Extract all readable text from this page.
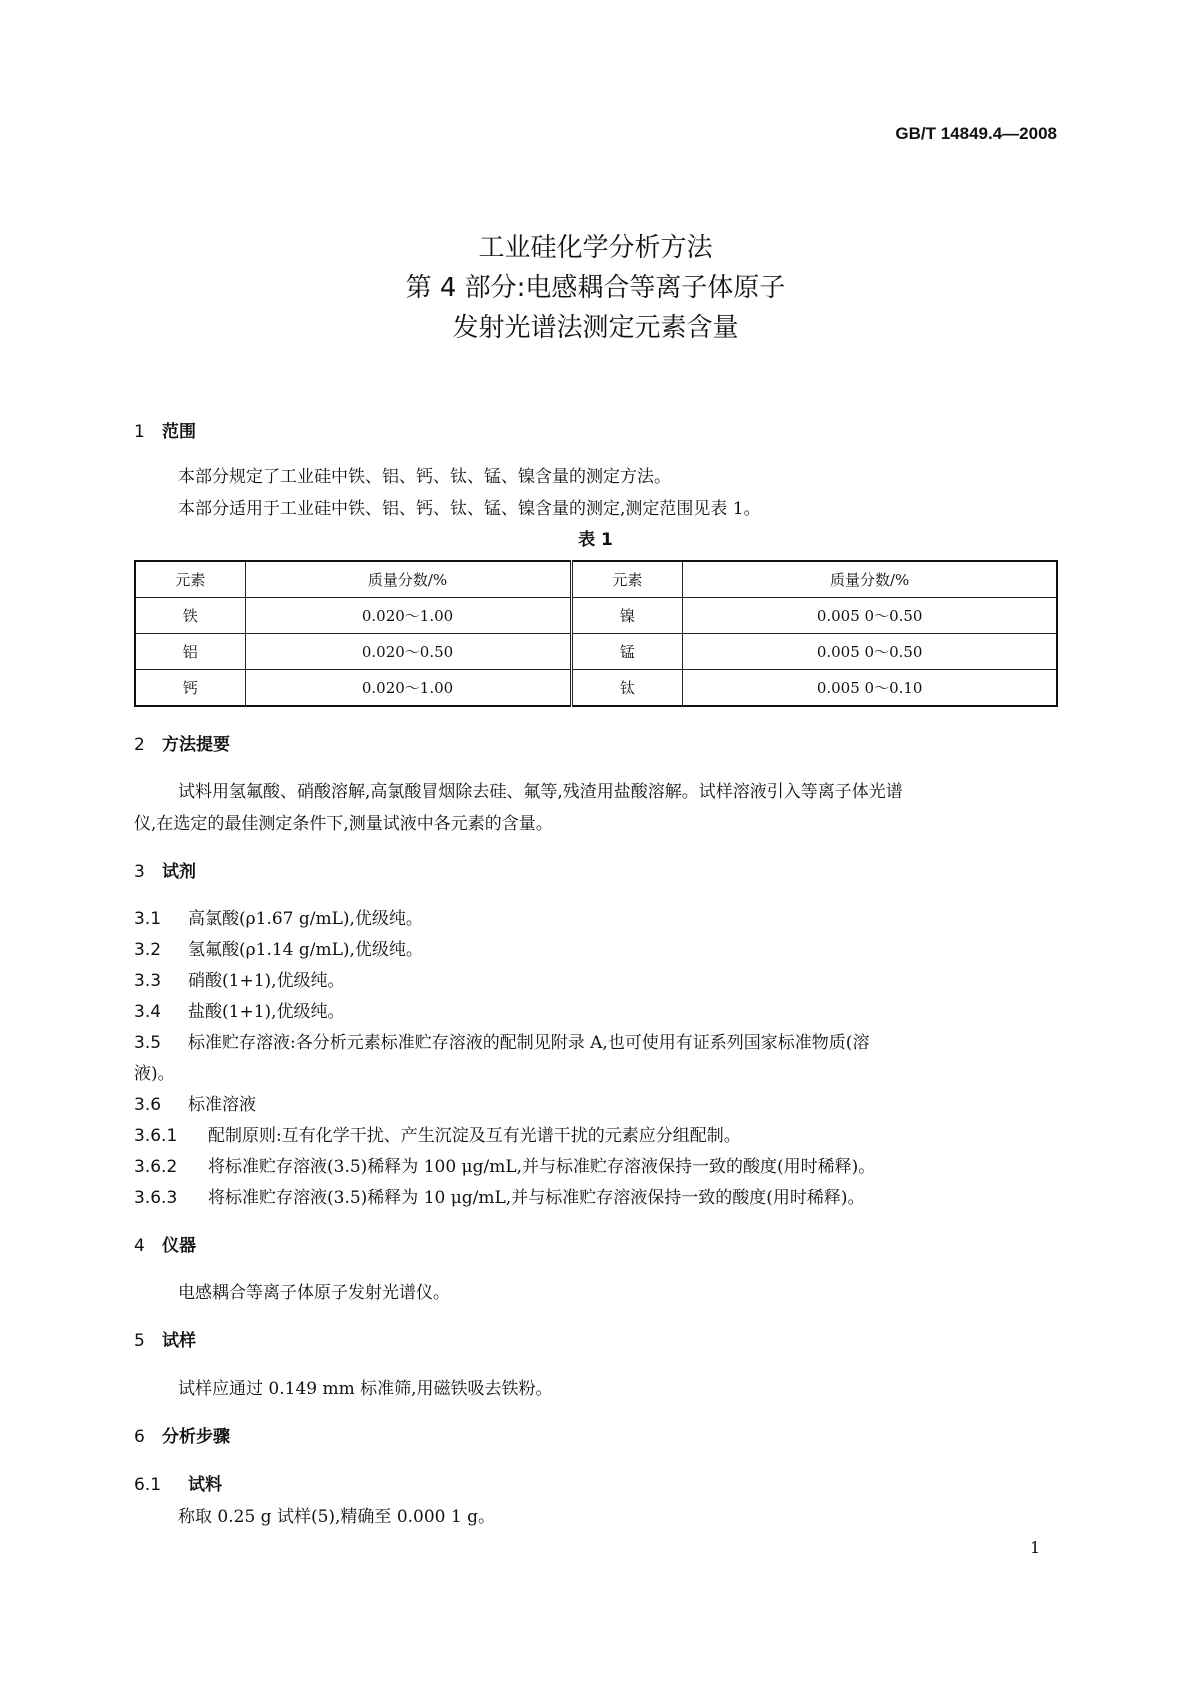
GB/T 14849.4—2008
工业硅化学分析方法
第 4 部分:电感耦合等离子体原子
发射光谱法测定元素含量
1 范围
本部分规定了工业硅中铁、铝、钙、钛、锰、镍含量的测定方法。
本部分适用于工业硅中铁、铝、钙、钛、锰、镍含量的测定,测定范围见表 1。
表 1
元素	质量分数/%	元素	质量分数/%
铁	0.020～1.00	镍	0.005 0～0.50
铝	0.020～0.50	锰	0.005 0～0.50
钙	0.020～1.00	钛	0.005 0～0.10
2 方法提要
试料用氢氟酸、硝酸溶解,高氯酸冒烟除去硅、氟等,残渣用盐酸溶解。试样溶液引入等离子体光谱
仪,在选定的最佳测定条件下,测量试液中各元素的含量。
3 试剂
3.1 高氯酸(ρ1.67 g/mL),优级纯。
3.2 氢氟酸(ρ1.14 g/mL),优级纯。
3.3 硝酸(1+1),优级纯。
3.4 盐酸(1+1),优级纯。
3.5 标准贮存溶液:各分析元素标准贮存溶液的配制见附录 A,也可使用有证系列国家标准物质(溶
液)。
3.6 标准溶液
3.6.1 配制原则:互有化学干扰、产生沉淀及互有光谱干扰的元素应分组配制。
3.6.2 将标准贮存溶液(3.5)稀释为 100 μg/mL,并与标准贮存溶液保持一致的酸度(用时稀释)。
3.6.3 将标准贮存溶液(3.5)稀释为 10 μg/mL,并与标准贮存溶液保持一致的酸度(用时稀释)。
4 仪器
电感耦合等离子体原子发射光谱仪。
5 试样
试样应通过 0.149 mm 标准筛,用磁铁吸去铁粉。
6 分析步骤
6.1 试料
称取 0.25 g 试样(5),精确至 0.000 1 g。
1
